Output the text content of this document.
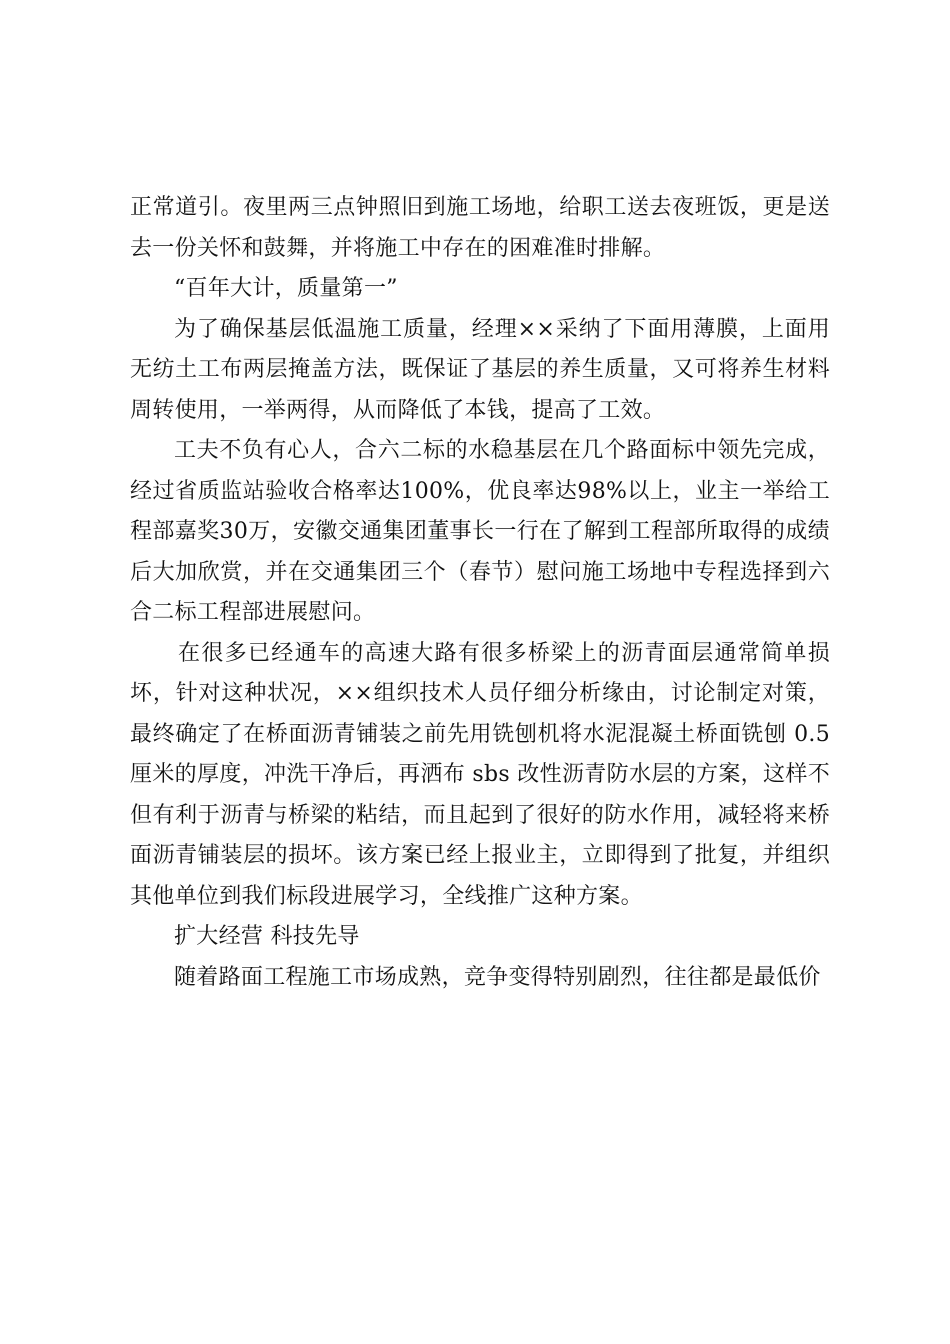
正常道引。夜里两三点钟照旧到施工场地，给职工送去夜班饭，更是送去一份关怀和鼓舞，并将施工中存在的困难准时排解。

“百年大计，质量第一”

为了确保基层低温施工质量，经理××采纳了下面用薄膜，上面用无纺土工布两层掩盖方法，既保证了基层的养生质量，又可将养生材料周转使用，一举两得，从而降低了本钱，提高了工效。

工夫不负有心人，合六二标的水稳基层在几个路面标中领先完成，经过省质监站验收合格率达100%，优良率达98%以上，业主一举给工程部嘉奖30万，安徽交通集团董事长一行在了解到工程部所取得的成绩后大加欣赏，并在交通集团三个（春节）慰问施工场地中专程选择到六合二标工程部进展慰问。

在很多已经通车的高速大路有很多桥梁上的沥青面层通常简单损坏，针对这种状况，××组织技术人员仔细分析缘由，讨论制定对策，最终确定了在桥面沥青铺装之前先用铣刨机将水泥混凝土桥面铣刨 0.5 厘米的厚度，冲洗干净后，再洒布 sbs 改性沥青防水层的方案，这样不但有利于沥青与桥梁的粘结，而且起到了很好的防水作用，减轻将来桥面沥青铺装层的损坏。该方案已经上报业主，立即得到了批复，并组织其他单位到我们标段进展学习，全线推广这种方案。

扩大经营 科技先导

随着路面工程施工市场成熟，竞争变得特别剧烈，往往都是最低价
